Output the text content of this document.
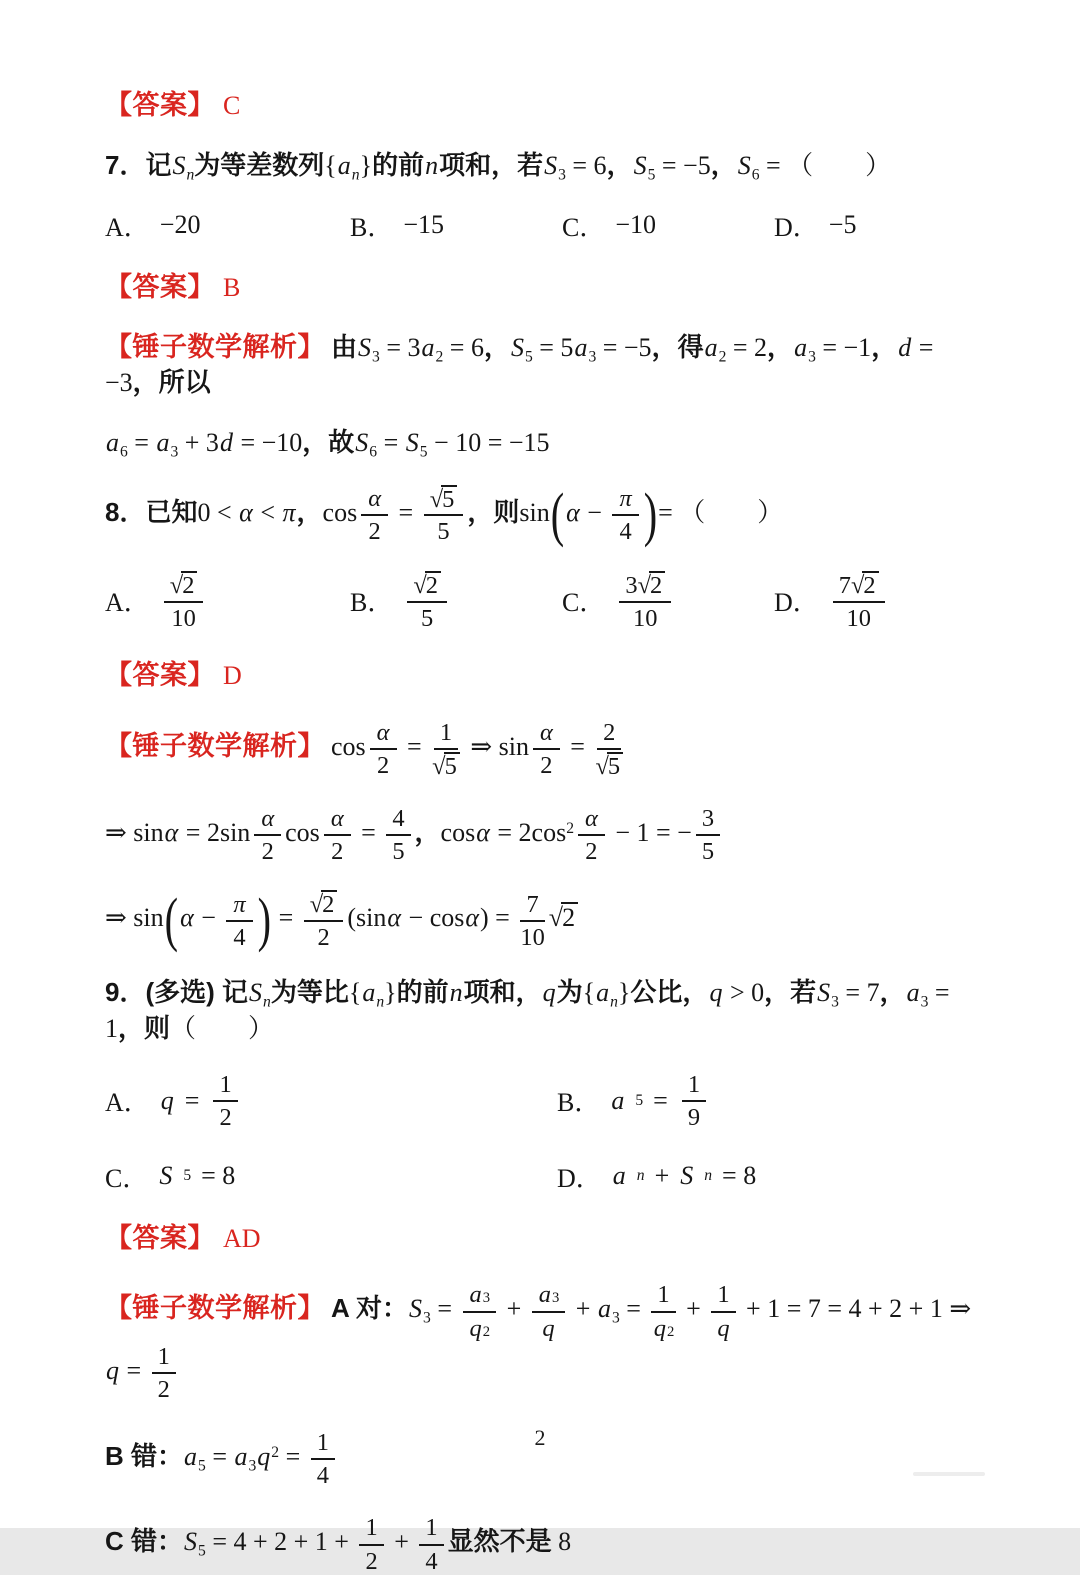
【答案】 C

7．记$S_n$为等差数列$\{a_n\}$的前n项和，若$S_3 = 6$，$S_5 = -5$，$S_6$ = （　　）

A． −20	B． −15	C． −10	D． −5

【答案】 B

【锤子数学解析】 由$S_3 = 3a_2 = 6$，$S_5 = 5a_3 = -5$，得$a_2 = 2$，$a_3 = -1$，d = −3，所以

$a_6 = a_3 + 3d = -10$，故$S_6 = S_5 - 10 = -15$

8．已知0 < α < π，$\cos \frac{\alpha}{2} = \frac{√5}{5}$ ，则$\sin(\alpha - \frac{\pi}{4}$ )= （　　）

A． $\frac{√2}{10}$	B． $\frac{√2}{5}$	C． $\frac{3 √2}{10}$	D． $\frac{7 √2}{10}$

【答案】 D

【锤子数学解析】 $\cos \frac{\alpha}{2} = \frac{1}{√5}$ ⇒ $\sin \frac{\alpha}{2} = \frac{2}{√5}$

⇒ $\sin\alpha = 2\sin \frac{\alpha}{2}$ $\cos \frac{\alpha}{2} = \frac{4}{5}$ ，$\cos\alpha = 2\cos^2 \frac{\alpha}{2} - 1$ = − $\frac{3}{5}$

⇒ $\sin(\alpha - \frac{\pi}{4}$ ) = $\frac{√2}{2} (\sin\alpha - \cos\alpha) = \frac{7}{10} √2$

9．(多选) 记$S_n$为等比$\{a_n\}$的前n项和，q为$\{a_n\}$公比，q > 0，若$S_3 = 7$，$a_3 = 1$，则（　　）

A． $q = \frac{1}{2}$	B． a $5 = \frac{1}{9}$
C． S 5 = 8	D． a n + S n = 8

【答案】 AD

【锤子数学解析】 A 对：$S_3 = \frac{a 3}{q 2} + \frac{a 3}{q} + a_3 = \frac{1}{q 2} + \frac{1}{q} + 1 = 7 = 4 + 2 + 1$ ⇒ $q = \frac{1}{2}$

B 错：$a_5 = a_3q^2 = \frac{1}{4}$

C 错：$S_5 = 4 + 2 + 1 + \frac{1}{2} + \frac{1}{4}$ 显然不是 8

2
